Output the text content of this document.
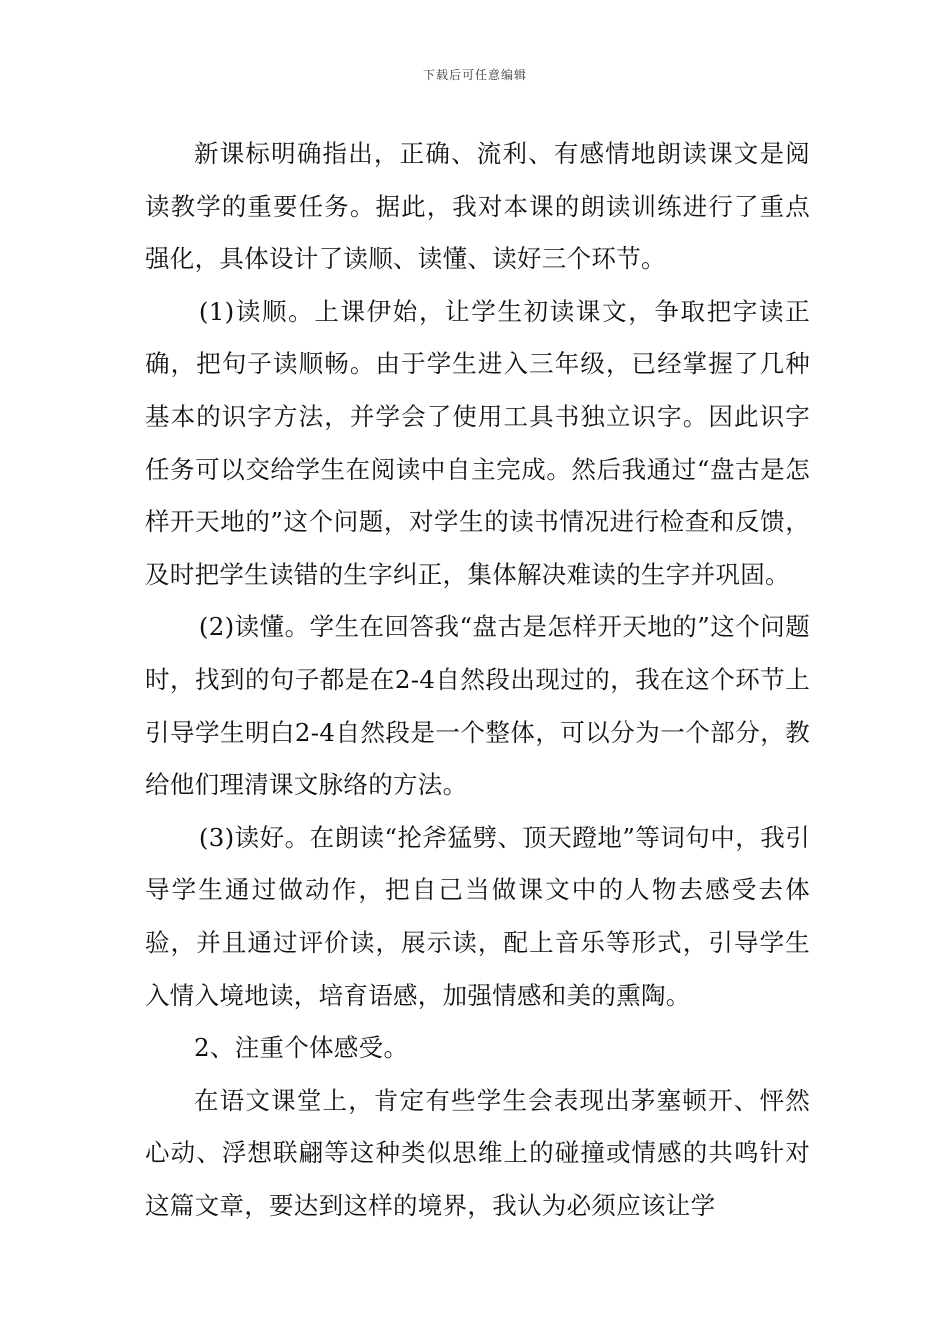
下载后可任意编辑

新课标明确指出，正确、流利、有感情地朗读课文是阅读教学的重要任务。据此，我对本课的朗读训练进行了重点强化，具体设计了读顺、读懂、读好三个环节。

(1)读顺。上课伊始，让学生初读课文，争取把字读正确，把句子读顺畅。由于学生进入三年级，已经掌握了几种基本的识字方法，并学会了使用工具书独立识字。因此识字任务可以交给学生在阅读中自主完成。然后我通过“盘古是怎样开天地的”这个问题，对学生的读书情况进行检查和反馈，及时把学生读错的生字纠正，集体解决难读的生字并巩固。

(2)读懂。学生在回答我“盘古是怎样开天地的”这个问题时，找到的句子都是在2-4自然段出现过的，我在这个环节上引导学生明白2-4自然段是一个整体，可以分为一个部分，教给他们理清课文脉络的方法。

(3)读好。在朗读“抡斧猛劈、顶天蹬地”等词句中，我引导学生通过做动作，把自己当做课文中的人物去感受去体验，并且通过评价读，展示读，配上音乐等形式，引导学生入情入境地读，培育语感，加强情感和美的熏陶。

2、注重个体感受。

在语文课堂上，肯定有些学生会表现出茅塞顿开、怦然心动、浮想联翩等这种类似思维上的碰撞或情感的共鸣针对这篇文章，要达到这样的境界，我认为必须应该让学
